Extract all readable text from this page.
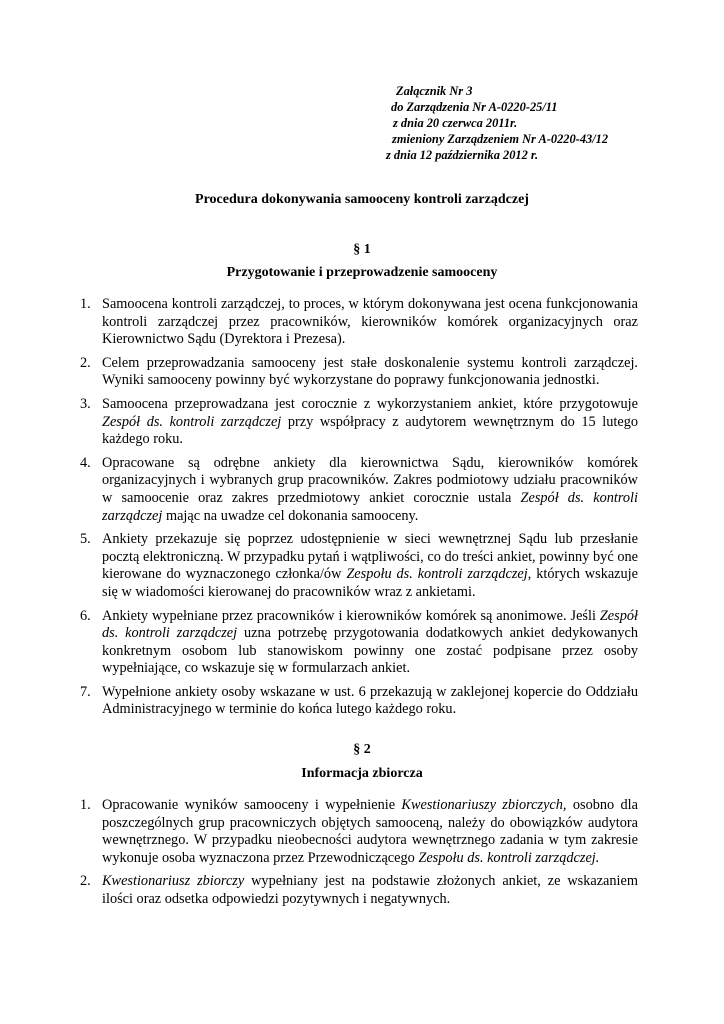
Załącznik Nr 3
do Zarządzenia Nr A-0220-25/11
z dnia 20 czerwca 2011r.
zmieniony Zarządzeniem Nr A-0220-43/12
z dnia 12 października 2012 r.
Procedura dokonywania samooceny kontroli zarządczej
§ 1
Przygotowanie i przeprowadzenie samooceny
1. Samoocena kontroli zarządczej, to proces, w którym dokonywana jest ocena funkcjonowania kontroli zarządczej przez pracowników, kierowników komórek organizacyjnych oraz Kierownictwo Sądu (Dyrektora i Prezesa).
2. Celem przeprowadzania samooceny jest stałe doskonalenie systemu kontroli zarządczej. Wyniki samooceny powinny być wykorzystane do poprawy funkcjonowania jednostki.
3. Samoocena przeprowadzana jest corocznie z wykorzystaniem ankiet, które przygotowuje Zespół ds. kontroli zarządczej przy współpracy z audytorem wewnętrznym do 15 lutego każdego roku.
4. Opracowane są odrębne ankiety dla kierownictwa Sądu, kierowników komórek organizacyjnych i wybranych grup pracowników. Zakres podmiotowy udziału pracowników w samoocenie oraz zakres przedmiotowy ankiet corocznie ustala Zespół ds. kontroli zarządczej mając na uwadze cel dokonania samooceny.
5. Ankiety przekazuje się poprzez udostępnienie w sieci wewnętrznej Sądu lub przesłanie pocztą elektroniczną. W przypadku pytań i wątpliwości, co do treści ankiet, powinny być one kierowane do wyznaczonego członka/ów Zespołu ds. kontroli zarządczej, których wskazuje się w wiadomości kierowanej do pracowników wraz z ankietami.
6. Ankiety wypełniane przez pracowników i kierowników komórek są anonimowe. Jeśli Zespół ds. kontroli zarządczej uzna potrzebę przygotowania dodatkowych ankiet dedykowanych konkretnym osobom lub stanowiskom powinny one zostać podpisane przez osoby wypełniające, co wskazuje się w formularzach ankiet.
7. Wypełnione ankiety osoby wskazane w ust. 6 przekazują w zaklejonej kopercie do Oddziału Administracyjnego w terminie do końca lutego każdego roku.
§ 2
Informacja zbiorcza
1. Opracowanie wyników samooceny i wypełnienie Kwestionariuszy zbiorczych, osobno dla poszczególnych grup pracowniczych objętych samooceną, należy do obowiązków audytora wewnętrznego. W przypadku nieobecności audytora wewnętrznego zadania w tym zakresie wykonuje osoba wyznaczona przez Przewodniczącego Zespołu ds. kontroli zarządczej.
2. Kwestionariusz zbiorczy wypełniany jest na podstawie złożonych ankiet, ze wskazaniem ilości oraz odsetka odpowiedzi pozytywnych i negatywnych.
